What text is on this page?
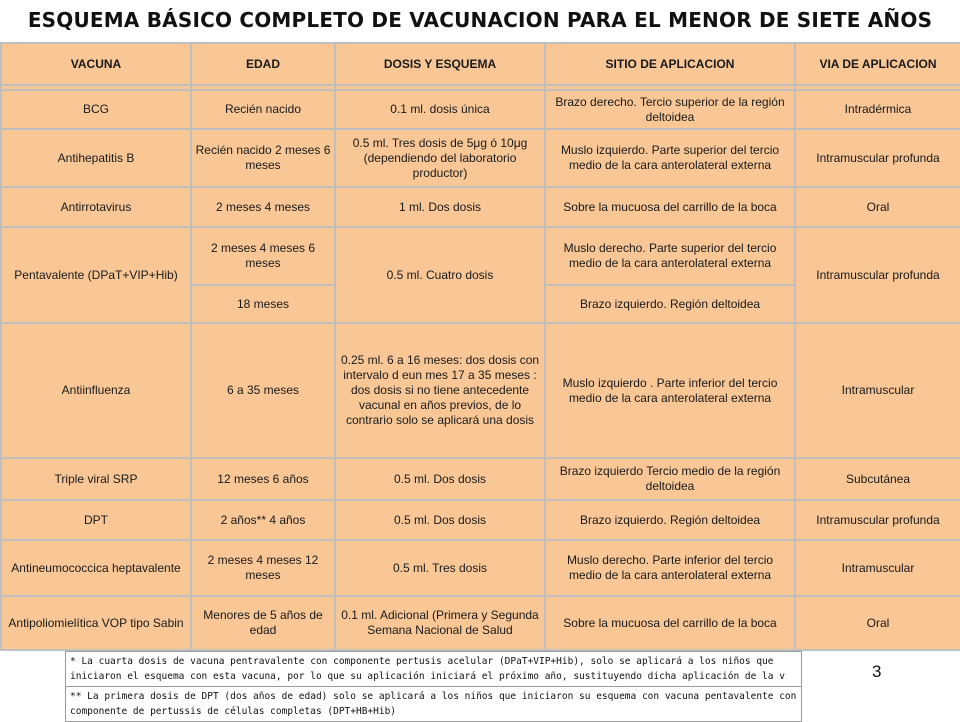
ESQUEMA BÁSICO COMPLETO DE VACUNACION PARA EL MENOR DE SIETE AÑOS
VACUNA	EDAD	DOSIS Y ESQUEMA	SITIO DE APLICACION	VIA DE APLICACION

BCG	Recién nacido	0.1 ml. dosis única	Brazo derecho. Tercio superior de la región deltoidea	Intradérmica
Antihepatitis B	Recién nacido 2 meses 6 meses	0.5 ml. Tres dosis de 5μg ó 10μg (dependiendo del laboratorio productor)	Muslo izquierdo. Parte superior del tercio medio de la cara anterolateral externa	Intramuscular profunda
Antirrotavirus	2 meses 4 meses	1 ml. Dos dosis	Sobre la mucuosa del carrillo de la boca	Oral
Pentavalente (DPaT+VIP+Hib)	2 meses 4 meses 6 meses	0.5 ml. Cuatro dosis	Muslo derecho. Parte superior del tercio medio de la cara anterolateral externa	Intramuscular profunda
	18 meses		Brazo izquierdo. Región deltoidea	
Antiinfluenza	6 a 35 meses	0.25 ml. 6 a 16 meses: dos dosis con intervalo d eun mes 17 a 35 meses : dos dosis si no tiene antecedente vacunal en años previos, de lo contrario solo se aplicará una dosis	Muslo izquierdo . Parte inferior del tercio medio de la cara anterolateral externa	Intramuscular
Triple viral SRP	12 meses 6 años	0.5 ml. Dos dosis	Brazo izquierdo Tercio medio de la región deltoidea	Subcutánea
DPT	2 años** 4 años	0.5 ml. Dos dosis	Brazo izquierdo. Región deltoidea	Intramuscular profunda
Antineumococcica heptavalente	2 meses 4 meses 12 meses	0.5 ml. Tres dosis	Muslo derecho. Parte inferior del tercio medio de la cara anterolateral externa	Intramuscular
Antipoliomielítica VOP tipo Sabin	Menores de 5 años de edad	0.1 ml. Adicional (Primera y Segunda Semana Nacional de Salud	Sobre la mucuosa del carrillo de la boca	Oral
* La cuarta dosis de vacuna pentravalente con componente pertusis acelular (DPaT+VIP+Hib), solo se aplicará a los niños que iniciaron el esquema con esta vacuna, por lo que su aplicación iniciará el próximo año, sustituyendo dicha aplicación de la v
** La primera dosis de DPT (dos años de edad) solo se aplicará a los niños que iniciaron su esquema con vacuna pentavalente con componente de pertussis de células completas (DPT+HB+Hib)
3
